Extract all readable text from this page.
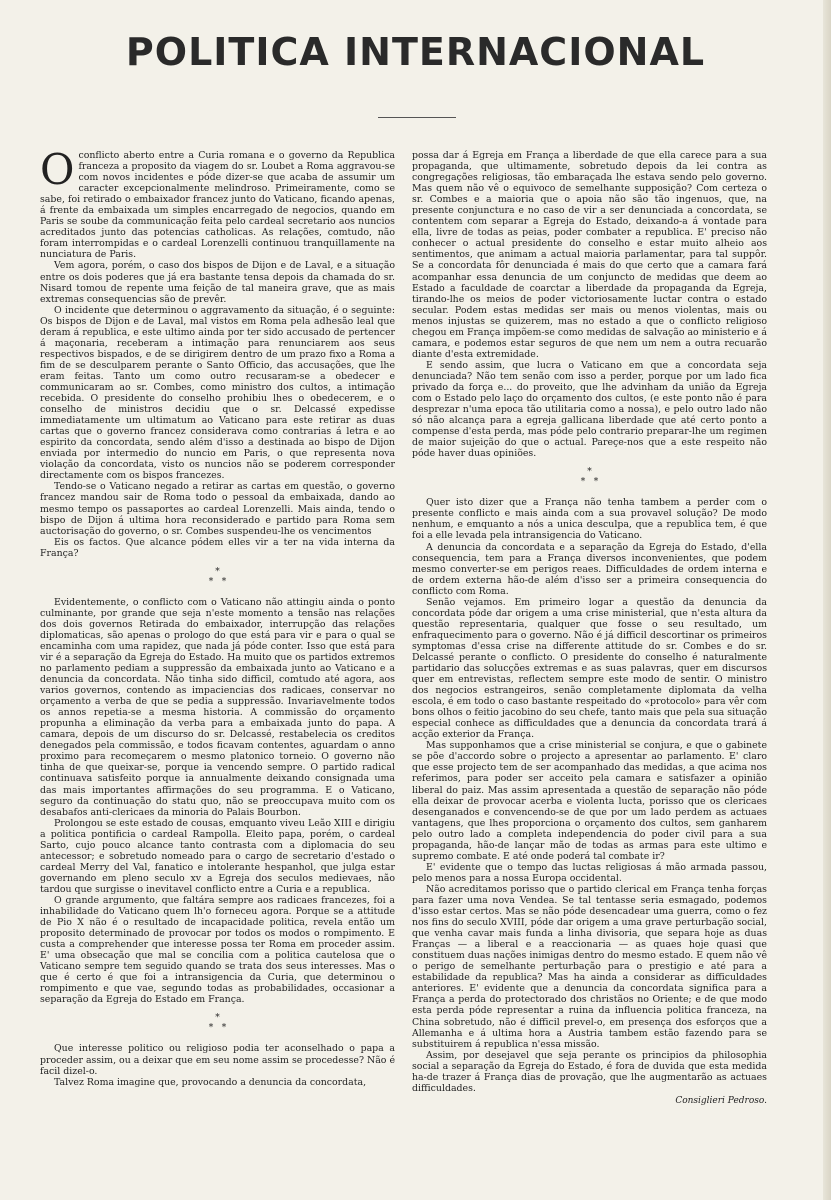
POLITICA INTERNACIONAL
O conflicto aberto entre a Curia romana e o governo da Republica franceza a proposito da viagem do sr. Loubet a Roma aggravou-se com novos incidentes e póde dizer-se que acaba de assumir um caracter excepcionalmente melindroso. Primeiramente, como se sabe, foi retirado o embaixador francez junto do Vaticano, ficando apenas, á frente da embaixada um simples encarregado de negocios, quando em Paris se soube da communicação feita pelo cardeal secretario aos nuncios acreditados junto das potencias catholicas. As relações, comtudo, não foram interrompidas e o cardeal Lorenzelli continuou tranquillamente na nunciatura de Paris.

Vem agora, porém, o caso dos bispos de Dijon e de Laval, e a situação entre os dois poderes que já era bastante tensa depois da chamada do sr. Nisard tomou de repente uma feição de tal maneira grave, que as mais extremas consequencias são de prevêr.

O incidente que determinou o aggravamento da situação, é o seguinte: Os bispos de Dijon e de Laval, mal vistos em Roma pela adhesão leal que deram á republica, e este ultimo ainda por ter sido accusado de pertencer á maçonaria, receberam a intimação para renunciarem aos seus respectivos bispados, e de se dirigirem dentro de um prazo fixo a Roma a fim de se desculparem perante o Santo Officio, das accusações, que lhe eram feitas. Tanto um como outro recusaram-se a obedecer e communicaram ao sr. Combes, como ministro dos cultos, a intimação recebida. O presidente do conselho prohibiu lhes o obedecerem, e o conselho de ministros decidiu que o sr. Delcassé expedisse immediatamente um ultimatum ao Vaticano para este retirar as duas cartas que o governo francez considerava como contrarias á letra e ao espirito da concordata, sendo além d'isso a destinada ao bispo de Dijon enviada por intermedio do nuncio em Paris, o que representa nova violação da concordata, visto os nuncios não se poderem corresponder directamente com os bispos francezes.

Tendo-se o Vaticano negado a retirar as cartas em questão, o governo francez mandou sair de Roma todo o pessoal da embaixada, dando ao mesmo tempo os passaportes ao cardeal Lorenzelli. Mais ainda, tendo o bispo de Dijon á ultima hora reconsiderado e partido para Roma sem auctorisação do governo, o sr. Combes suspendeu-lhe os vencimentos

Eis os factos. Que alcance pódem elles vir a ter na vida interna da França?

*
* *

Evidentemente, o conflicto com o Vaticano não attingiu ainda o ponto culminante, por grande que seja n'este momento a tensão nas relações dos dois governos Retirada do embaixador, interrupção das relações diplomaticas, são apenas o prologo do que está para vir e para o qual se encaminha com uma rapidez, que nada já póde conter. Isso que está para vir é a separação da Egreja do Estado. Ha muito que os partidos extremos no parlamento pediam a suppressão da embaixada junto ao Vaticano e a denuncia da concordata. Não tinha sido difficil, comtudo até agora, aos varios governos, contendo as impaciencias dos radicaes, conservar no orçamento a verba de que se pedia a suppressão. Invariavelmente todos os annos repetia-se a mesma historia. A commissão do orçamento propunha a eliminação da verba para a embaixada junto do papa. A camara, depois de um discurso do sr. Delcassé, restabelecia os creditos denegados pela commissão, e todos ficavam contentes, aguardam o anno proximo para recomeçarem o mesmo platonico torneio. O governo não tinha de que queixar-se, porque ia vencendo sempre. O partido radical continuava satisfeito porque ia annualmente deixando consignada uma das mais importantes affirmações do seu programma. E o Vaticano, seguro da continuação do statu quo, não se preoccupava muito com os desabafos anti-clericaes da minoria do Palais Bourbon.

Prolongou se este estado de cousas, emquanto viveu Leão XIII e dirigiu a politica pontificia o cardeal Rampolla. Eleito papa, porém, o cardeal Sarto, cujo pouco alcance tanto contrasta com a diplomacia do seu antecessor; e sobretudo nomeado para o cargo de secretario d'estado o cardeal Merry del Val, fanatico e intolerante hespanhol, que julga estar governando em pleno seculo xv a Egreja dos seculos medievaes, não tardou que surgisse o inevitavel conflicto entre a Curia e a republica.

O grande argumento, que faltára sempre aos radicaes francezes, foi a inhabilidade do Vaticano quem lh'o forneceu agora. Porque se a attitude de Pio X não é o resultado de incapacidade politica, revela então um proposito determinado de provocar por todos os modos o rompimento. E custa a comprehender que interesse possa ter Roma em proceder assim. E' uma obsecação que mal se concilia com a politica cautelosa que o Vaticano sempre tem seguido quando se trata dos seus interesses. Mas o que é certo é que foi a intransigencia da Curia, que determinou o rompimento e que vae, segundo todas as probabilidades, occasionar a separação da Egreja do Estado em França.

*
* *

Que interesse politico ou religioso podia ter aconselhado o papa a proceder assim, ou a deixar que em seu nome assim se procedesse? Não é facil dizel-o.

Talvez Roma imagine que, provocando a denuncia da concordata,

possa dar á Egreja em França a liberdade de que ella carece para a sua propaganda, que ultimamente, sobretudo depois da lei contra as congregações religiosas, tão embaraçada lhe estava sendo pelo governo. Mas quem não vê o equivoco de semelhante supposição? Com certeza o sr. Combes e a maioria que o apoia não são tão ingenuos, que, na presente conjunctura e no caso de vir a ser denunciada a concordata, se contentem com separar a Egreja do Estado, deixando-a á vontade para ella, livre de todas as peias, poder combater a republica. E' preciso não conhecer o actual presidente do conselho e estar muito alheio aos sentimentos, que animam a actual maioria parlamentar, para tal suppôr. Se a concordata fôr denunciada é mais do que certo que a camara fará acompanhar essa denuncia de um conjuncto de medidas que deem ao Estado a faculdade de coarctar a liberdade da propaganda da Egreja, tirando-lhe os meios de poder victoriosamente luctar contra o estado secular. Podem estas medidas ser mais ou menos violentas, mais ou menos injustas se quizerem, mas no estado a que o conflicto religioso chegou em França impõem-se como medidas de salvação ao ministerio e á camara, e podemos estar seguros de que nem um nem a outra recuarão diante d'esta extremidade.

E sendo assim, que lucra o Vaticano em que a concordata seja denunciada? Não tem senão com isso a perder, porque por um lado fica privado da força e... do proveito, que lhe advinham da união da Egreja com o Estado pelo laço do orçamento dos cultos, (e este ponto não é para desprezar n'uma epoca tão utilitaria como a nossa), e pelo outro lado não só não alcança para a egreja gallicana liberdade que até certo ponto a compense d'esta perda, mas póde pelo contrario preparar-lhe um regimen de maior sujeição do que o actual. Pareçe-nos que a este respeito não póde haver duas opiniões.

*
* *

Quer isto dizer que a França não tenha tambem a perder com o presente conflicto e mais ainda com a sua provavel solução? De modo nenhum, e emquanto a nós a unica desculpa, que a republica tem, é que foi a elle levada pela intransigencia do Vaticano.

A denuncia da concordata e a separação da Egreja do Estado, d'ella consequencia, tem para a França diversos inconvenientes, que podem mesmo converter-se em perigos reaes. Difficuldades de ordem interna e de ordem externa hão-de além d'isso ser a primeira consequencia do conflicto com Roma.

Senão vejamos. Em primeiro logar a questão da denuncia da concordata póde dar origem a uma crise ministerial, que n'esta altura da questão representaria, qualquer que fosse o seu resultado, um enfraquecimento para o governo. Não é já difficil descortinar os primeiros symptomas d'essa crise na differente attitude do sr. Combes e do sr. Delcassé perante o conflicto. O presidente do conselho é naturalmente partidario das solucções extremas e as suas palavras, quer em discursos quer em entrevistas, reflectem sempre este modo de sentir. O ministro dos negocios estrangeiros, senão completamente diplomata da velha escola, é em todo o caso bastante respeitado do «protocolo» para vêr com bons olhos o feitio jacobino do seu chefe, tanto mais que pela sua situação especial conhece as difficuldades que a denuncia da concordata trará á acção exterior da França.

Mas supponhamos que a crise ministerial se conjura, e que o gabinete se põe d'accordo sobre o projecto a apresentar ao parlamento. E' claro que esse projecto tem de ser acompanhado das medidas, a que acima nos referimos, para poder ser acceito pela camara e satisfazer a opinião liberal do paiz. Mas assim apresentada a questão de separação não póde ella deixar de provocar acerba e violenta lucta, porisso que os clericaes desenganados e convencendo-se de que por um lado perdem as actuaes vantagens, que lhes proporciona o orçamento dos cultos, sem ganharem pelo outro lado a completa independencia do poder civil para a sua propaganda, hão-de lançar mão de todas as armas para este ultimo e supremo combate. E até onde poderá tal combate ir?

E' evidente que o tempo das luctas religiosas á mão armada passou, pelo menos para a nossa Europa occidental.

Não acreditamos porisso que o partido clerical em França tenha forças para fazer uma nova Vendea. Se tal tentasse seria esmagado, podemos d'isso estar certos. Mas se não póde desencadear uma guerra, como o fez nos fins do seculo XVIII, póde dar origem a uma grave perturbação social, que venha cavar mais funda a linha divisoria, que separa hoje as duas Franças — a liberal e a reaccionaria — as quaes hoje quasi que constituem duas nações inimigas dentro do mesmo estado. E quem não vê o perigo de semelhante perturbação para o prestigio e até para a estabilidade da republica? Mas ha ainda a considerar as difficuldades anteriores. E' evidente que a denuncia da concordata significa para a França a perda do protectorado dos christãos no Oriente; e de que modo esta perda póde representar a ruina da influencia politica franceza, na China sobretudo, não é difficil prevel-o, em presença dos esforços que a Allemanha e á ultima hora a Austria tambem estão fazendo para se substituirem á republica n'essa missão.

Assim, por desejavel que seja perante os principios da philosophia social a separação da Egreja do Estado, é fora de duvida que esta medida ha-de trazer á França dias de provação, que lhe augmentarão as actuaes difficuldades.

Consiglieri Pedroso.
